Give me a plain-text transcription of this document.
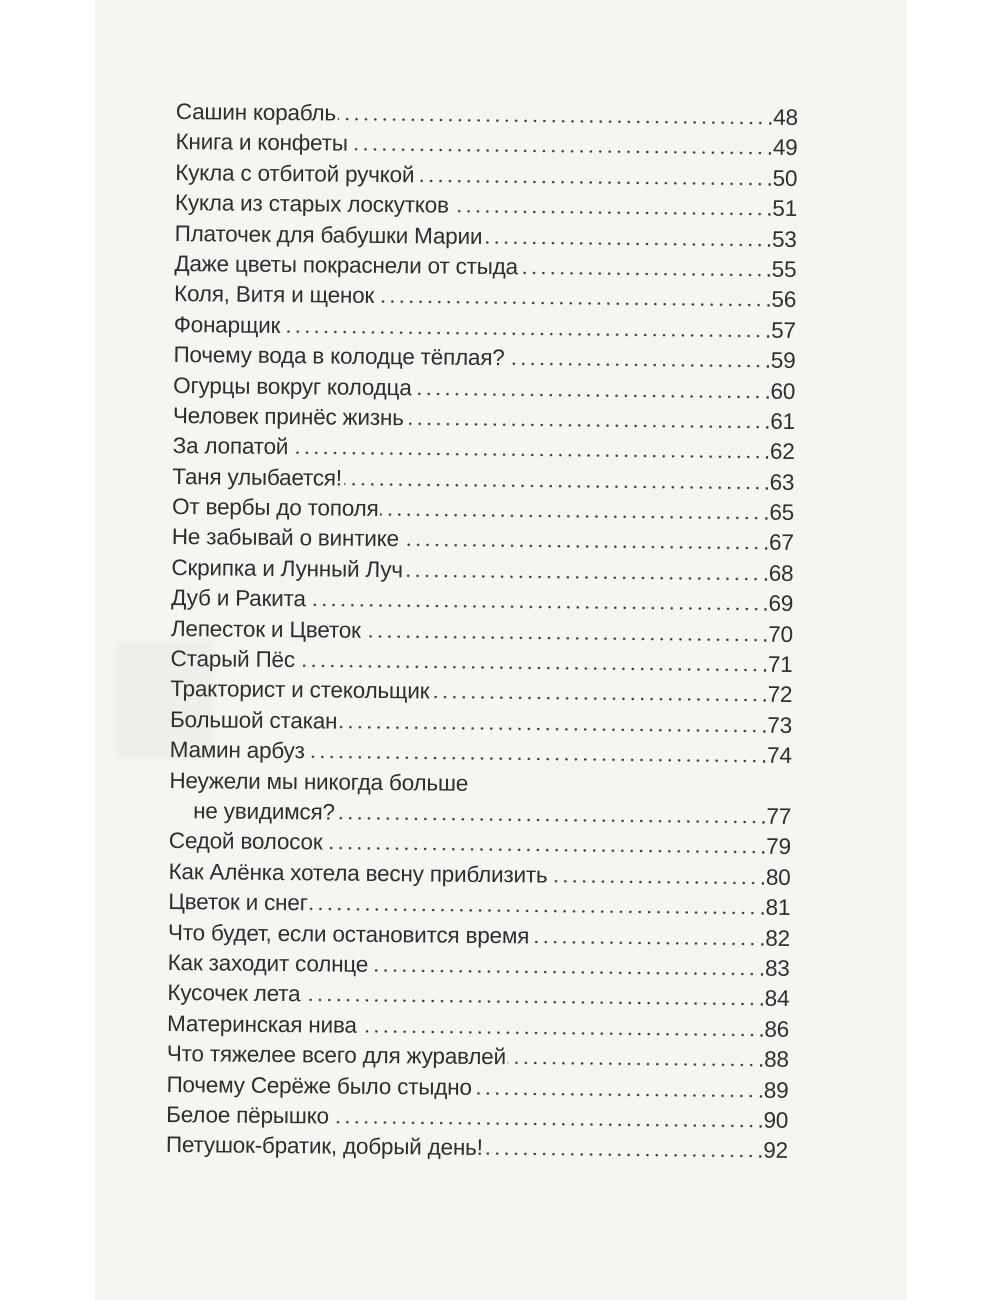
Сашин корабль	.48
Книга и конфеты	.49
Кукла с отбитой ручкой	.50
Кукла из старых лоскутков	.51
Платочек для бабушки Марии	.53
Даже цветы покраснели от стыда	.55
Коля, Витя и щенок	.56
Фонарщик	.57
Почему вода в колодце тёплая?	.59
Огурцы вокруг колодца	.60
Человек принёс жизнь	.61
За лопатой	.62
Таня улыбается!	.63
От вербы до тополя	.65
Не забывай о винтике	.67
Скрипка и Лунный Луч	.68
Дуб и Ракита	.69
Лепесток и Цветок	.70
Старый Пёс	.71
Тракторист и стекольщик	.72
Большой стакан	.73
Мамин арбуз	.74
Неужели мы никогда больше
не увидимся?	.77
Седой волосок	.79
Как Алёнка хотела весну приблизить	.80
Цветок и снег	.81
Что будет, если остановится время	.82
Как заходит солнце	.83
Кусочек лета	.84
Материнская нива	.86
Что тяжелее всего для журавлей	.88
Почему Серёже было стыдно	.89
Белое пёрышко	.90
Петушок-братик, добрый день!	.92
